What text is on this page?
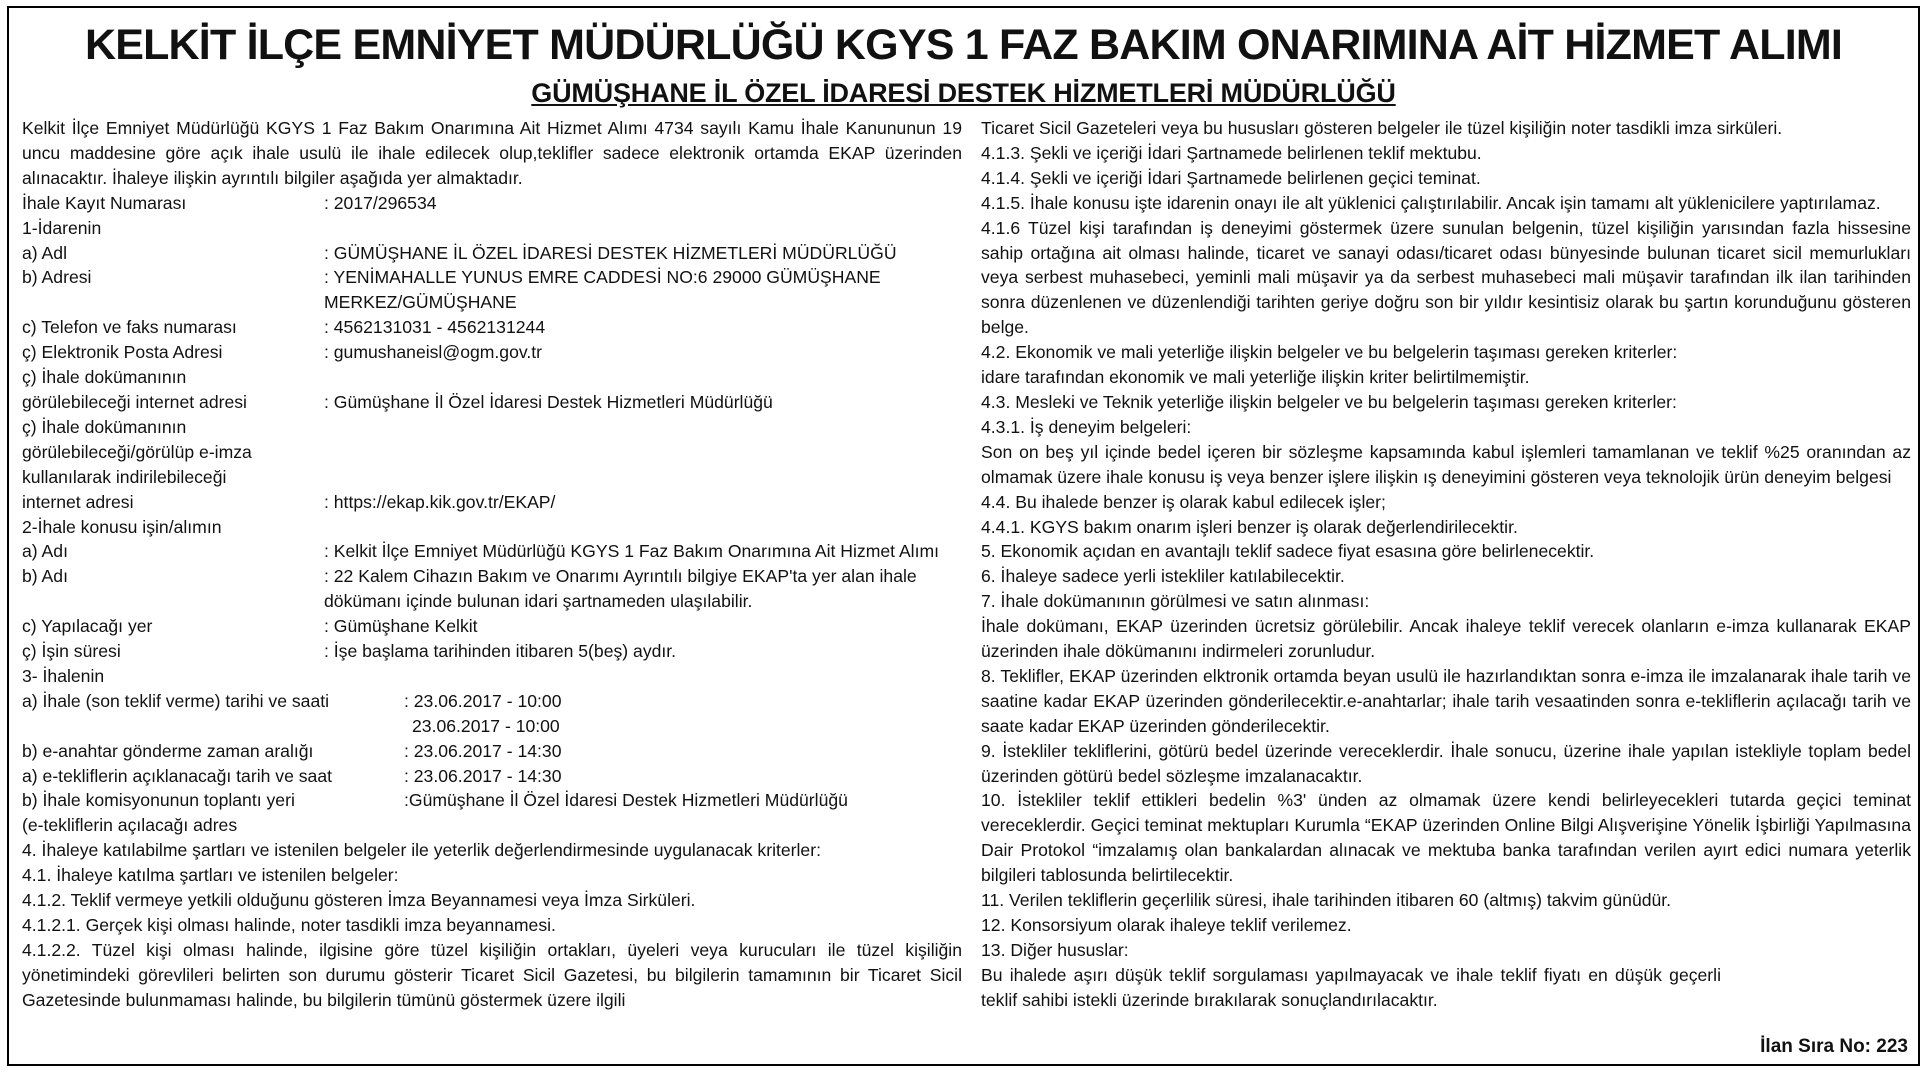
KELKİT İLÇE EMNİYET MÜDÜRLÜĞÜ KGYS 1 FAZ BAKIM ONARIMINA AİT HİZMET ALIMI
GÜMÜŞHANE İL ÖZEL İDARESİ DESTEK HİZMETLERİ MÜDÜRLÜĞÜ

Kelkit İlçe Emniyet Müdürlüğü KGYS 1 Faz Bakım Onarımına Ait Hizmet Alımı 4734 sayılı Kamu İhale Kanununun 19 uncu maddesine göre açık ihale usulü ile ihale edilecek olup,teklifler sadece elektronik ortamda EKAP üzerinden alınacaktır. İhaleye ilişkin ayrıntılı bilgiler aşağıda yer almaktadır.

İhale Kayıt Numarası	: 2017/296534
1-İdarenin
a) Adl	: GÜMÜŞHANE İL ÖZEL İDARESİ DESTEK HİZMETLERİ MÜDÜRLÜĞÜ
b) Adresi	: YENİMAHALLE YUNUS EMRE CADDESİ NO:6 29000 GÜMÜŞHANE MERKEZ/GÜMÜŞHANE
c) Telefon ve faks numarası	: 4562131031 - 4562131244
ç) Elektronik Posta Adresi	: gumushaneisl@ogm.gov.tr
ç) İhale dokümanının
görülebileceği internet adresi	: Gümüşhane İl Özel İdaresi Destek Hizmetleri Müdürlüğü
ç) İhale dokümanının
görülebileceği/görülüp e-imza
kullanılarak indirilebileceği
internet adresi	: https://ekap.kik.gov.tr/EKAP/
2-İhale konusu işin/alımın
a) Adı	: Kelkit İlçe Emniyet Müdürlüğü KGYS 1 Faz Bakım Onarımına Ait Hizmet Alımı
b) Adı	: 22 Kalem Cihazın Bakım ve Onarımı Ayrıntılı bilgiye EKAP'ta yer alan ihale dökümanı içinde bulunan idari şartnameden ulaşılabilir.
c) Yapılacağı yer	: Gümüşhane Kelkit
ç) İşin süresi	: İşe başlama tarihinden itibaren 5(beş) aydır.
3- İhalenin
a) İhale (son teklif verme) tarihi ve saati	: 23.06.2017 - 10:00

23.06.2017 - 10:00
b) e-anahtar gönderme zaman aralığı	: 23.06.2017 - 14:30
a) e-tekliflerin açıklanacağı tarih ve saat	: 23.06.2017 - 14:30
b) İhale komisyonunun toplantı yeri	:Gümüşhane İl Özel İdaresi Destek Hizmetleri Müdürlüğü
(e-tekliflerin açılacağı adres
4. İhaleye katılabilme şartları ve istenilen belgeler ile yeterlik değerlendirmesinde uygulanacak kriterler:
4.1. İhaleye katılma şartları ve istenilen belgeler:
4.1.2. Teklif vermeye yetkili olduğunu gösteren İmza Beyannamesi veya İmza Sirküleri.
4.1.2.1. Gerçek kişi olması halinde, noter tasdikli imza beyannamesi.

4.1.2.2. Tüzel kişi olması halinde, ilgisine göre tüzel kişiliğin ortakları, üyeleri veya kurucuları ile tüzel kişiliğin yönetimindeki görevlileri belirten son durumu gösterir Ticaret Sicil Gazetesi, bu bilgilerin tamamının bir Ticaret Sicil Gazetesinde bulunmaması halinde, bu bilgilerin tümünü göstermek üzere ilgili

Ticaret Sicil Gazeteleri veya bu hususları gösteren belgeler ile tüzel kişiliğin noter tasdikli imza sirküleri.
4.1.3. Şekli ve içeriği İdari Şartnamede belirlenen teklif mektubu.
4.1.4. Şekli ve içeriği İdari Şartnamede belirlenen geçici teminat.

4.1.5. İhale konusu işte idarenin onayı ile alt yüklenici çalıştırılabilir. Ancak işin tamamı alt yüklenicilere yaptırılamaz.

4.1.6 Tüzel kişi tarafından iş deneyimi göstermek üzere sunulan belgenin, tüzel kişiliğin yarısından fazla hissesine sahip ortağına ait olması halinde, ticaret ve sanayi odası/ticaret odası bünyesinde bulunan ticaret sicil memurlukları veya serbest muhasebeci, yeminli mali müşavir ya da serbest muhasebeci mali müşavir tarafından ilk ilan tarihinden sonra düzenlenen ve düzenlendiği tarihten geriye doğru son bir yıldır kesintisiz olarak bu şartın korunduğunu gösteren belge.

4.2. Ekonomik ve mali yeterliğe ilişkin belgeler ve bu belgelerin taşıması gereken kriterler:
idare tarafından ekonomik ve mali yeterliğe ilişkin kriter belirtilmemiştir.
4.3. Mesleki ve Teknik yeterliğe ilişkin belgeler ve bu belgelerin taşıması gereken kriterler:
4.3.1. İş deneyim belgeleri:

Son on beş yıl içinde bedel içeren bir sözleşme kapsamında kabul işlemleri tamamlanan ve teklif %25 oranından az olmamak üzere ihale konusu iş veya benzer işlere ilişkin ış deneyimini gösteren veya teknolojik ürün deneyim belgesi

4.4. Bu ihalede benzer iş olarak kabul edilecek işler;
4.4.1. KGYS bakım onarım işleri benzer iş olarak değerlendirilecektir.
5. Ekonomik açıdan en avantajlı teklif sadece fiyat esasına göre belirlenecektir.
6. İhaleye sadece yerli istekliler katılabilecektir.
7. İhale dokümanının görülmesi ve satın alınması:

İhale dokümanı, EKAP üzerinden ücretsiz görülebilir. Ancak ihaleye teklif verecek olanların e-imza kullanarak EKAP üzerinden ihale dökümanını indirmeleri zorunludur.

8. Teklifler, EKAP üzerinden elktronik ortamda beyan usulü ile hazırlandıktan sonra e-imza ile imzalanarak ihale tarih ve saatine kadar EKAP üzerinden gönderilecektir.e-anahtarlar; ihale tarih vesaatinden sonra e-tekliflerin açılacağı tarih ve saate kadar EKAP üzerinden gönderilecektir.

9. İstekliler tekliflerini, götürü bedel üzerinde vereceklerdir. İhale sonucu, üzerine ihale yapılan istekliyle toplam bedel üzerinden götürü bedel sözleşme imzalanacaktır.

10. İstekliler teklif ettikleri bedelin %3' ünden az olmamak üzere kendi belirleyecekleri tutarda geçici teminat vereceklerdir. Geçici teminat mektupları Kurumla “EKAP üzerinden Online Bilgi Alışverişine Yönelik İşbirliği Yapılmasına Dair Protokol “imzalamış olan bankalardan alınacak ve mektuba banka tarafından verilen ayırt edici numara yeterlik bilgileri tablosunda belirtilecektir.

11. Verilen tekliflerin geçerlilik süresi, ihale tarihinden itibaren 60 (altmış) takvim günüdür.
12. Konsorsiyum olarak ihaleye teklif verilemez.
13. Diğer hususlar:

Bu ihalede aşırı düşük teklif sorgulaması yapılmayacak ve ihale teklif fiyatı en düşük geçerli teklif sahibi istekli üzerinde bırakılarak sonuçlandırılacaktır.

İlan Sıra No: 223
